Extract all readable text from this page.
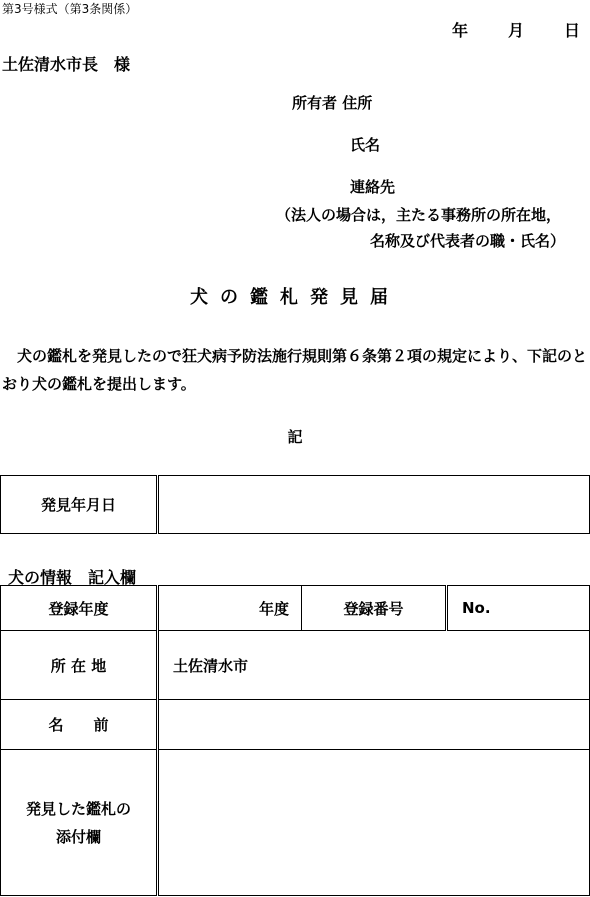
第3号様式（第3条関係）
年	月	日
土佐清水市長　様
所有者 住所
氏名
連絡先
（法人の場合は，主たる事務所の所在地，
名称及び代表者の職・氏名）
犬の鑑札発見届
　犬の鑑札を発見したので狂犬病予防法施行規則第６条第２項の規定により、下記のとおり犬の鑑札を提出します。
記
発見年月日	
犬の情報　記入欄
登録年度	年度	登録番号	No.
所 在 地	土佐清水市		
名　　前			

発見した鑑札の
添付欄			
